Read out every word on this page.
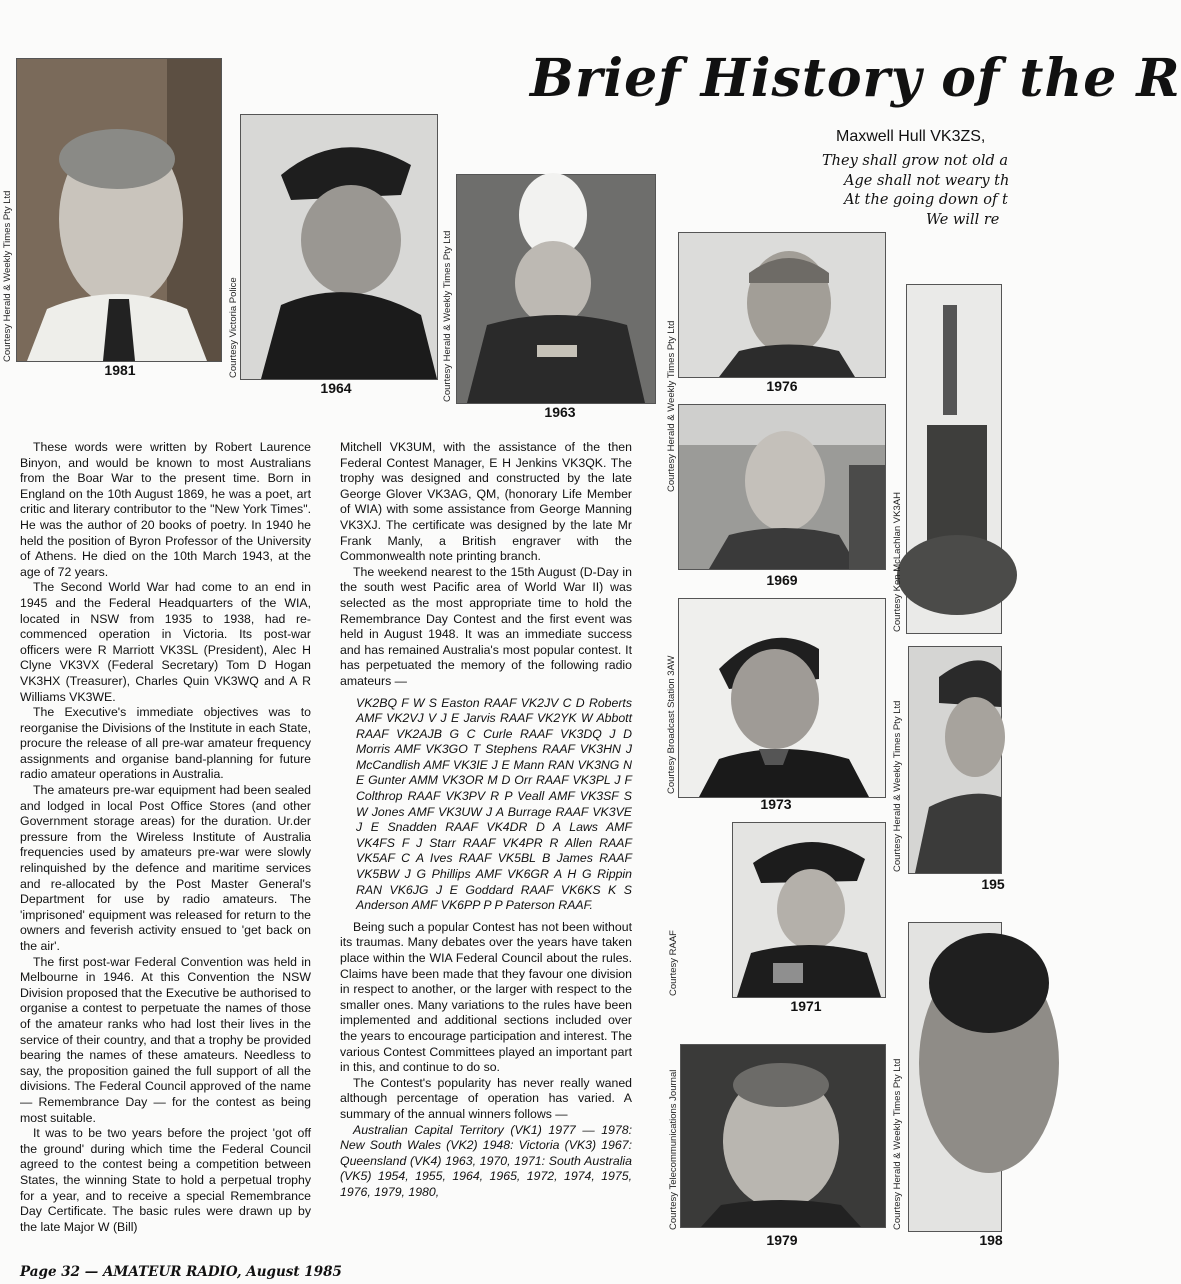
Brief History of the R
Maxwell Hull VK3ZS,
They shall grow not old a
Age shall not weary th
At the going down of t
We will re
Courtesy Herald & Weekly Times Pty Ltd
1981	Courtesy Victoria Police
1964	Courtesy Herald & Weekly Times Pty Ltd
1963	Courtesy Herald & Weekly Times Pty Ltd	1976
1969
Courtesy Broadcast Station 3AW
1973
Courtesy RAAF
1971
Courtesy Telecommunications Journal
1979
Courtesy Ken McLachlan VK3AH
Courtesy Herald & Weekly Times Pty Ltd
195
Courtesy Herald & Weekly Times Pty Ltd
198

These words were written by Robert Laurence Binyon, and would be known to most Australians from the Boar War to the present time. Born in England on the 10th August 1869, he was a poet, art critic and literary contributor to the "New York Times". He was the author of 20 books of poetry. In 1940 he held the position of Byron Professor of the University of Athens. He died on the 10th March 1943, at the age of 72 years.

The Second World War had come to an end in 1945 and the Federal Headquarters of the WIA, located in NSW from 1935 to 1938, had re-commenced operation in Victoria. Its post-war officers were R Marriott VK3SL (President), Alec H Clyne VK3VX (Federal Secretary) Tom D Hogan VK3HX (Treasurer), Charles Quin VK3WQ and A R Williams VK3WE.

The Executive's immediate objectives was to reorganise the Divisions of the Institute in each State, procure the release of all pre-war amateur frequency assignments and organise band-planning for future radio amateur operations in Australia.

The amateurs pre-war equipment had been sealed and lodged in local Post Office Stores (and other Government storage areas) for the duration. Ur.der pressure from the Wireless Institute of Australia frequencies used by amateurs pre-war were slowly relinquished by the defence and maritime services and re-allocated by the Post Master General's Department for use by radio amateurs. The 'imprisoned' equipment was released for return to the owners and feverish activity ensued to 'get back on the air'.

The first post-war Federal Convention was held in Melbourne in 1946. At this Convention the NSW Division proposed that the Executive be authorised to organise a contest to perpetuate the names of those of the amateur ranks who had lost their lives in the service of their country, and that a trophy be provided bearing the names of these amateurs. Needless to say, the proposition gained the full support of all the divisions. The Federal Council approved of the name — Remembrance Day — for the contest as being most suitable.

It was to be two years before the project 'got off the ground' during which time the Federal Council agreed to the contest being a competition between States, the winning State to hold a perpetual trophy for a year, and to receive a special Remembrance Day Certificate. The basic rules were drawn up by the late Major W (Bill)

Mitchell VK3UM, with the assistance of the then Federal Contest Manager, E H Jenkins VK3QK. The trophy was designed and constructed by the late George Glover VK3AG, QM, (honorary Life Member of WIA) with some assistance from George Manning VK3XJ. The certificate was designed by the late Mr Frank Manly, a British engraver with the Commonwealth note printing branch.

The weekend nearest to the 15th August (D-Day in the south west Pacific area of World War II) was selected as the most appropriate time to hold the Remembrance Day Contest and the first event was held in August 1948. It was an immediate success and has remained Australia's most popular contest. It has perpetuated the memory of the following radio amateurs —

VK2BQ F W S Easton RAAF VK2JV C D Roberts AMF VK2VJ V J E Jarvis RAAF VK2YK W Abbott RAAF VK2AJB G C Curle RAAF VK3DQ J D Morris AMF VK3GO T Stephens RAAF VK3HN J McCandlish AMF VK3IE J E Mann RAN VK3NG N E Gunter AMM VK3OR M D Orr RAAF VK3PL J F Colthrop RAAF VK3PV R P Veall AMF VK3SF S W Jones AMF VK3UW J A Burrage RAAF VK3VE J E Snadden RAAF VK4DR D A Laws AMF VK4FS F J Starr RAAF VK4PR R Allen RAAF VK5AF C A Ives RAAF VK5BL B James RAAF VK5BW J G Phillips AMF VK6GR A H G Rippin RAN VK6JG J E Goddard RAAF VK6KS K S Anderson AMF VK6PP P P Paterson RAAF.

Being such a popular Contest has not been without its traumas. Many debates over the years have taken place within the WIA Federal Council about the rules. Claims have been made that they favour one division in respect to another, or the larger with respect to the smaller ones. Many variations to the rules have been implemented and additional sections included over the years to encourage participation and interest. The various Contest Committees played an important part in this, and continue to do so.

The Contest's popularity has never really waned although percentage of operation has varied. A summary of the annual winners follows —

Australian Capital Territory (VK1) 1977 — 1978: New South Wales (VK2) 1948: Victoria (VK3) 1967: Queensland (VK4) 1963, 1970, 1971: South Australia (VK5) 1954, 1955, 1964, 1965, 1972, 1974, 1975, 1976, 1979, 1980,

Page 32 — AMATEUR RADIO, August 1985
